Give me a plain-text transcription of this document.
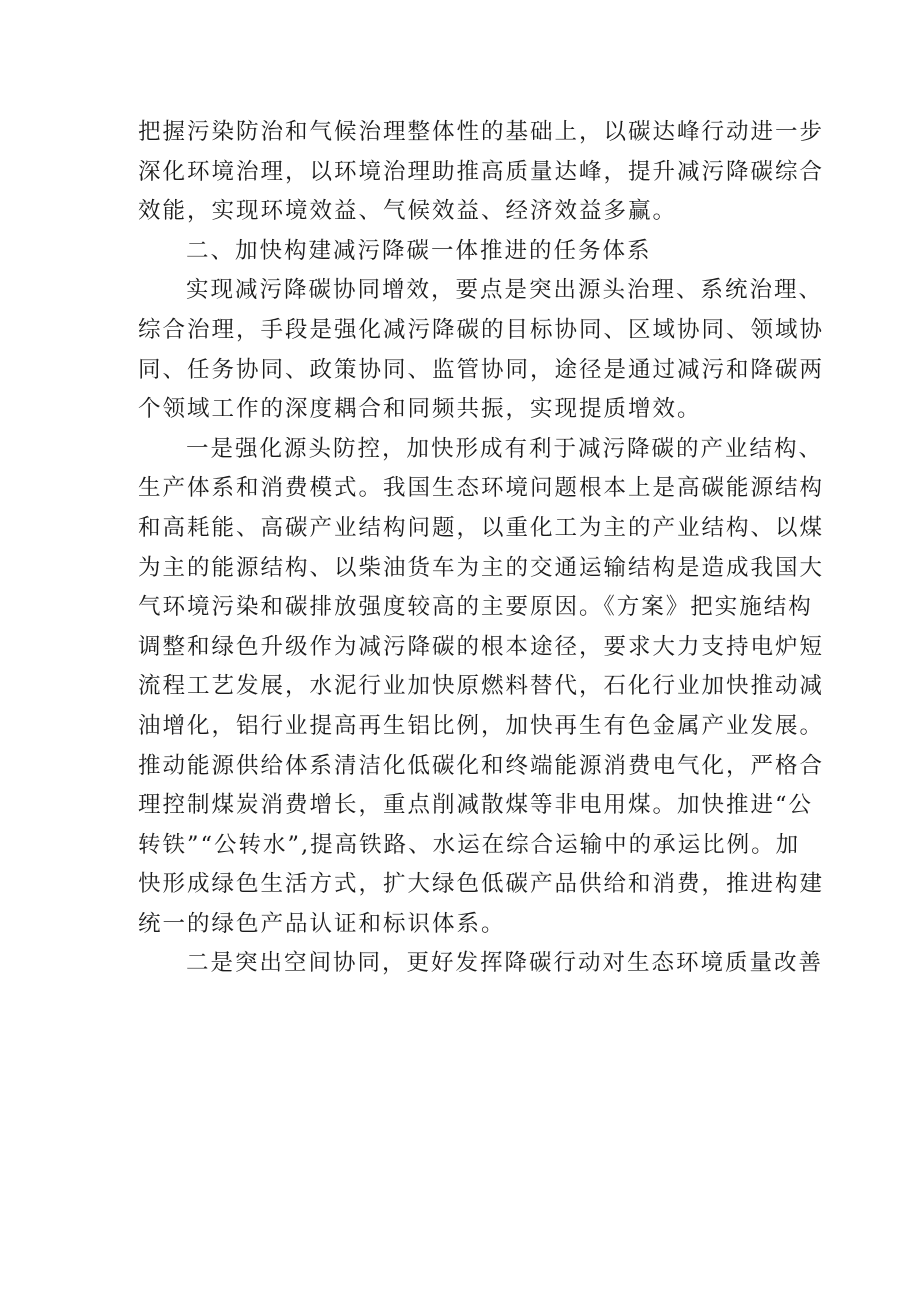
把握污染防治和气候治理整体性的基础上，以碳达峰行动进一步
深化环境治理，以环境治理助推高质量达峰，提升减污降碳综合
效能，实现环境效益、气候效益、经济效益多赢。
二、加快构建减污降碳一体推进的任务体系
实现减污降碳协同增效，要点是突出源头治理、系统治理、
综合治理，手段是强化减污降碳的目标协同、区域协同、领域协
同、任务协同、政策协同、监管协同，途径是通过减污和降碳两
个领域工作的深度耦合和同频共振，实现提质增效。
一是强化源头防控，加快形成有利于减污降碳的产业结构、
生产体系和消费模式。我国生态环境问题根本上是高碳能源结构
和高耗能、高碳产业结构问题，以重化工为主的产业结构、以煤
为主的能源结构、以柴油货车为主的交通运输结构是造成我国大
气环境污染和碳排放强度较高的主要原因。《方案》把实施结构
调整和绿色升级作为减污降碳的根本途径，要求大力支持电炉短
流程工艺发展，水泥行业加快原燃料替代，石化行业加快推动减
油增化，铝行业提高再生铝比例，加快再生有色金属产业发展。
推动能源供给体系清洁化低碳化和终端能源消费电气化，严格合
理控制煤炭消费增长，重点削减散煤等非电用煤。加快推进“公
转铁”“公转水”,提高铁路、水运在综合运输中的承运比例。加
快形成绿色生活方式，扩大绿色低碳产品供给和消费，推进构建
统一的绿色产品认证和标识体系。
二是突出空间协同，更好发挥降碳行动对生态环境质量改善
